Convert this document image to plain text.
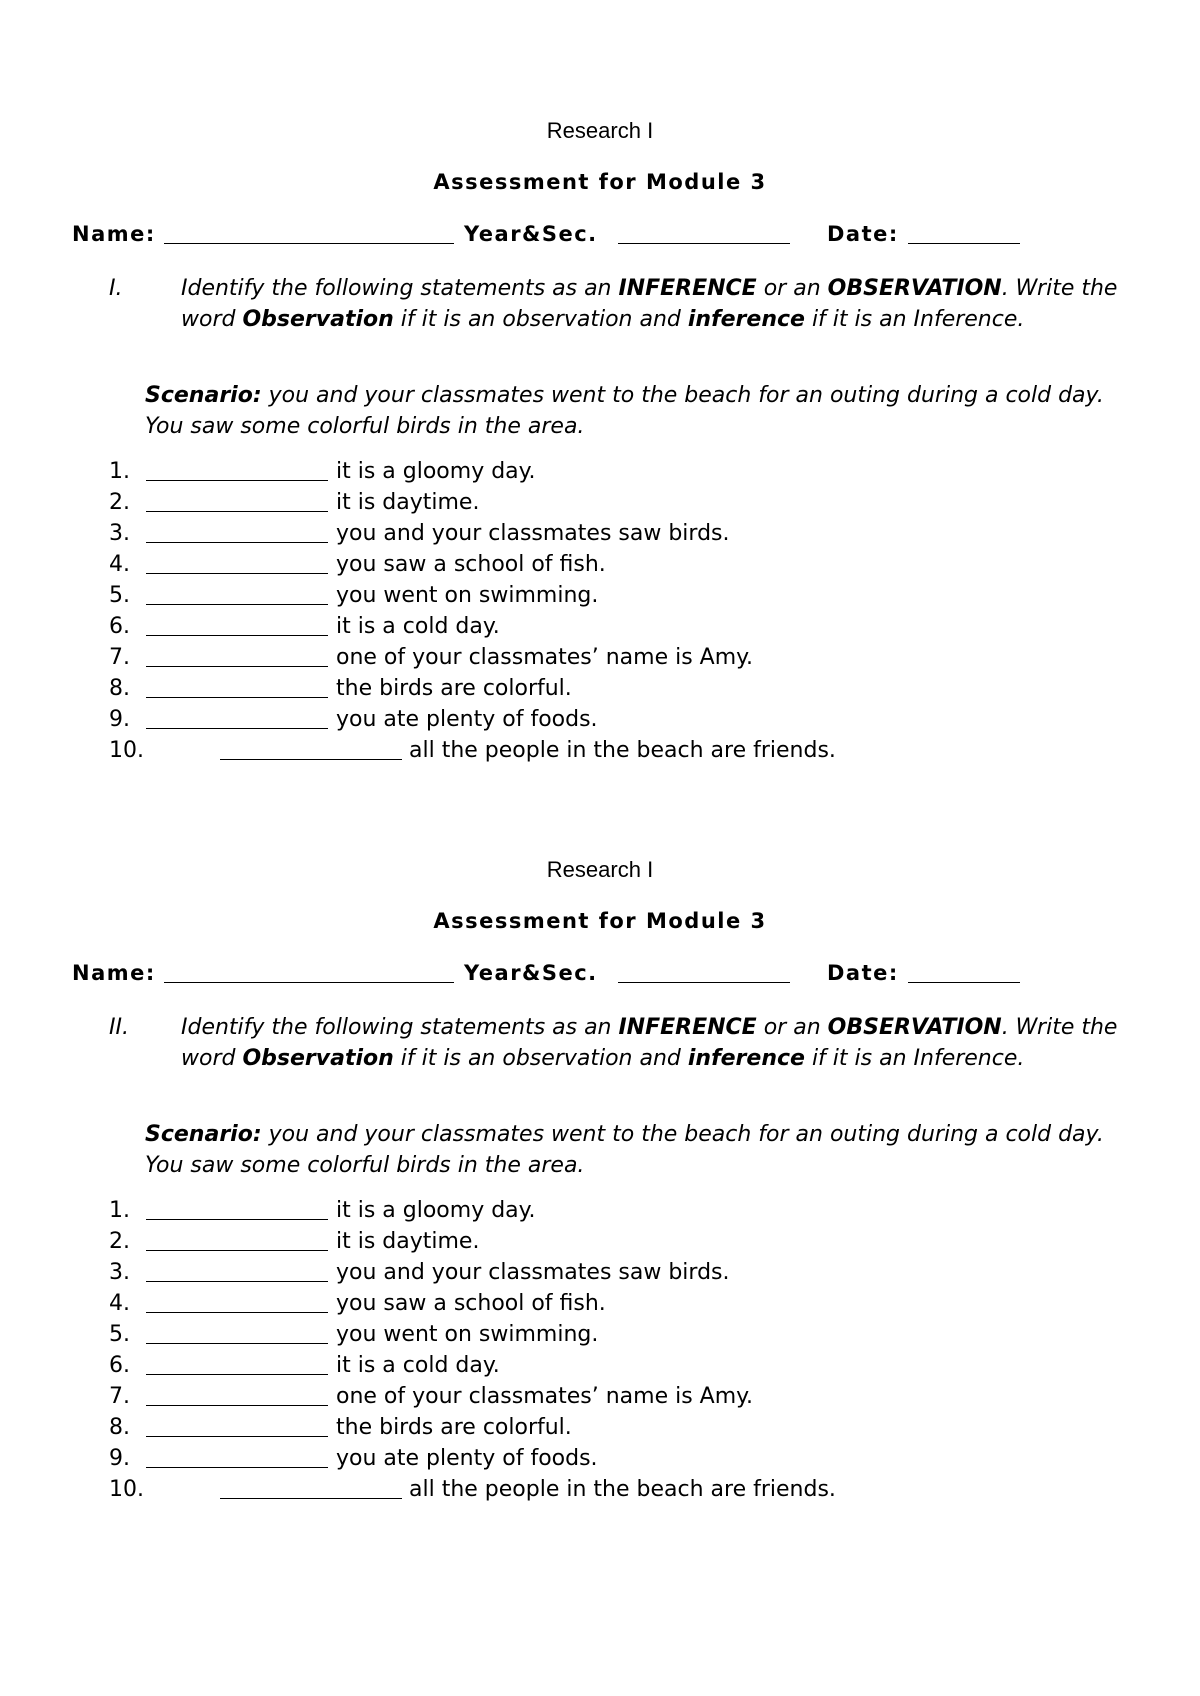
Research I
Assessment for Module 3
Name:	Year&Sec.	Date:
I.	Identify the following statements as an INFERENCE or an OBSERVATION. Write the word Observation if it is an observation and inference if it is an Inference.
Scenario: you and your classmates went to the beach for an outing during a cold day. You saw some colorful birds in the area.
1.	it is a gloomy day.
2.	it is daytime.
3.	you and your classmates saw birds.
4.	you saw a school of fish.
5.	you went on swimming.
6.	it is a cold day.
7.	one of your classmates’ name is Amy.
8.	the birds are colorful.
9.	you ate plenty of foods.
10.	all the people in the beach are friends.
Research I
Assessment for Module 3
Name:	Year&Sec.	Date:
II. Identify the following statements as an INFERENCE or an OBSERVATION. Write the word Observation if it is an observation and inference if it is an Inference.
Scenario: you and your classmates went to the beach for an outing during a cold day. You saw some colorful birds in the area.
1.	it is a gloomy day.
2.	it is daytime.
3.	you and your classmates saw birds.
4.	you saw a school of fish.
5.	you went on swimming.
6.	it is a cold day.
7.	one of your classmates’ name is Amy.
8.	the birds are colorful.
9.	you ate plenty of foods.
10.	all the people in the beach are friends.
